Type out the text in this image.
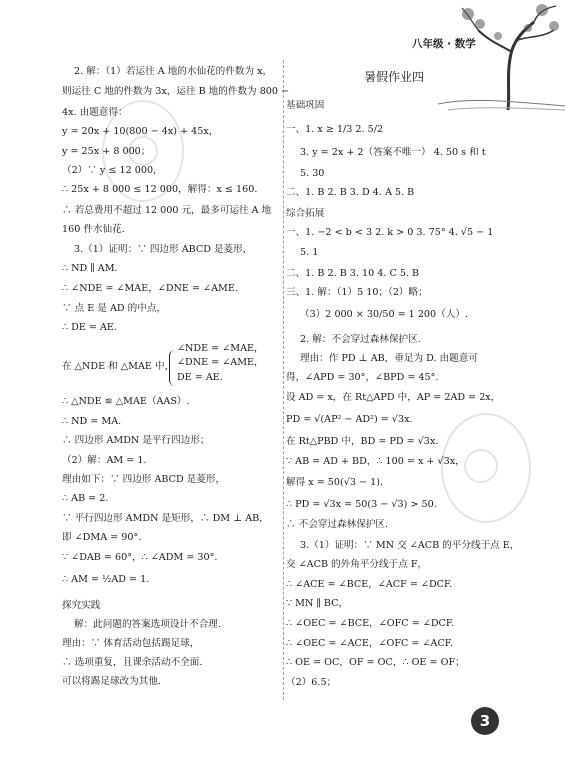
八年级 · 数学
暑假作业四
2. 解：（1）若运往 A 地的水仙花的件数为 x，
则运往 C 地的件数为 3x，运往 B 地的件数为 800 −
4x. 由题意得：
y = 20x + 10(800 − 4x) + 45x，
y = 25x + 8 000；
（2）∵ y ≤ 12 000，
∴ 25x + 8 000 ≤ 12 000，解得：x ≤ 160.
∴ 若总费用不超过 12 000 元，最多可运往 A 地
160 件水仙花.
3.（1）证明：∵ 四边形 ABCD 是菱形，
∴ ND ∥ AM.
∴ ∠NDE = ∠MAE，∠DNE = ∠AME.
∵ 点 E 是 AD 的中点，
∴ DE = AE.
在 △NDE 和 △MAE 中，
∠NDE = ∠MAE，
∠DNE = ∠AME，
DE = AE.
∴ △NDE ≌ △MAE（AAS）.
∴ ND = MA.
∴ 四边形 AMDN 是平行四边形；
（2）解：AM = 1.
理由如下：∵ 四边形 ABCD 是菱形，
∴ AB = 2.
∵ 平行四边形 AMDN 是矩形，∴ DM ⊥ AB，
即 ∠DMA = 90°.
∵ ∠DAB = 60°，∴ ∠ADM = 30°.
∴ AM = ½AD = 1.
探究实践
解：此问题的答案选项设计不合理.
理由：∵ 体育活动包括踢足球，
∴ 选项重复，且课余活动不全面.
可以将踢足球改为其他.
基础巩固
一、1. x ≥ 1/3 2. 5/2
3. y = 2x + 2（答案不唯一） 4. 50 s 和 t
5. 30
二、1. B 2. B 3. D 4. A 5. B
综合拓展
一、1. −2 < b < 3 2. k > 0 3. 75° 4. √5 − 1
5. 1
二、1. B 2. B 3. 10 4. C 5. B
三、1. 解：（1）5 10；（2）略；
（3）2 000 × 30/50 = 1 200（人）.
2. 解：不会穿过森林保护区.
理由：作 PD ⊥ AB，垂足为 D. 由题意可
得，∠APD = 30°，∠BPD = 45°.
设 AD = x，在 Rt△APD 中，AP = 2AD = 2x，
PD = √(AP² − AD²) = √3x.
在 Rt△PBD 中，BD = PD = √3x.
∵ AB = AD + BD，∴ 100 = x + √3x，
解得 x = 50(√3 − 1).
∴ PD = √3x = 50(3 − √3) > 50.
∴ 不会穿过森林保护区.
3.（1）证明：∵ MN 交 ∠ACB 的平分线于点 E，
交 ∠ACB 的外角平分线于点 F，
∴ ∠ACE = ∠BCE，∠ACF = ∠DCF.
∵ MN ∥ BC，
∴ ∠OEC = ∠BCE，∠OFC = ∠DCF.
∴ ∠OEC = ∠ACE，∠OFC = ∠ACF.
∴ OE = OC，OF = OC，∴ OE = OF；
（2）6.5；
3
